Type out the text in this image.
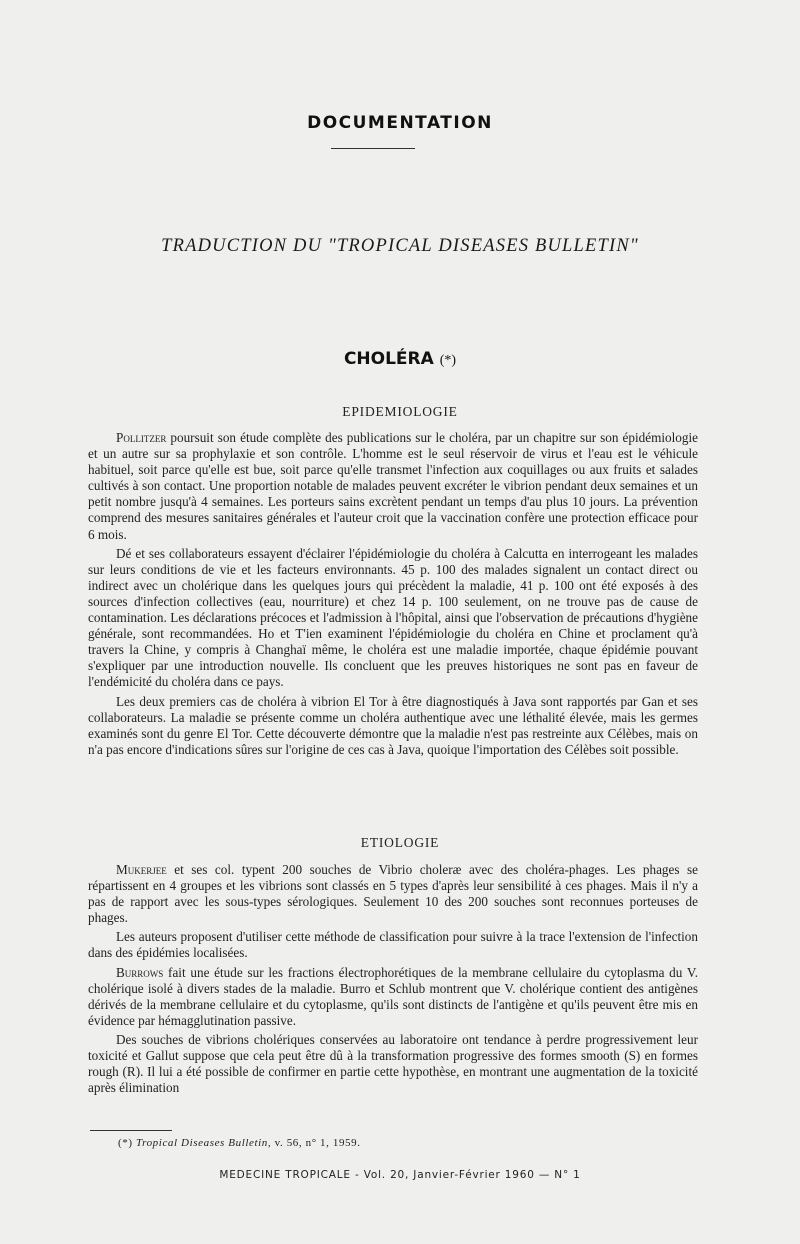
DOCUMENTATION
TRADUCTION DU "TROPICAL DISEASES BULLETIN"
CHOLÉRA (*)
EPIDEMIOLOGIE

Pollitzer poursuit son étude complète des publications sur le choléra, par un chapitre sur son épidémiologie et un autre sur sa prophylaxie et son contrôle. L'homme est le seul réservoir de virus et l'eau est le véhicule habituel, soit parce qu'elle est bue, soit parce qu'elle transmet l'infection aux coquillages ou aux fruits et salades cultivés à son contact. Une proportion notable de malades peuvent excréter le vibrion pendant deux semaines et un petit nombre jusqu'à 4 semaines. Les porteurs sains excrètent pendant un temps d'au plus 10 jours. La prévention comprend des mesures sanitaires générales et l'auteur croit que la vaccination confère une protection efficace pour 6 mois.

Dé et ses collaborateurs essayent d'éclairer l'épidémiologie du choléra à Calcutta en interrogeant les malades sur leurs conditions de vie et les facteurs environnants. 45 p. 100 des malades signalent un contact direct ou indirect avec un cholérique dans les quelques jours qui précèdent la maladie, 41 p. 100 ont été exposés à des sources d'infection collectives (eau, nourriture) et chez 14 p. 100 seulement, on ne trouve pas de cause de contamination. Les déclarations précoces et l'admission à l'hôpital, ainsi que l'observation de précautions d'hygiène générale, sont recommandées. Ho et T'ien examinent l'épidémiologie du choléra en Chine et proclament qu'à travers la Chine, y compris à Changhaï même, le choléra est une maladie importée, chaque épidémie pouvant s'expliquer par une introduction nouvelle. Ils concluent que les preuves historiques ne sont pas en faveur de l'endémicité du choléra dans ce pays.

Les deux premiers cas de choléra à vibrion El Tor à être diagnostiqués à Java sont rapportés par Gan et ses collaborateurs. La maladie se présente comme un choléra authentique avec une léthalité élevée, mais les germes examinés sont du genre El Tor. Cette découverte démontre que la maladie n'est pas restreinte aux Célèbes, mais on n'a pas encore d'indications sûres sur l'origine de ces cas à Java, quoique l'importation des Célèbes soit possible.

ETIOLOGIE

Mukerjee et ses col. typent 200 souches de Vibrio choleræ avec des choléra-phages. Les phages se répartissent en 4 groupes et les vibrions sont classés en 5 types d'après leur sensibilité à ces phages. Mais il n'y a pas de rapport avec les sous-types sérologiques. Seulement 10 des 200 souches sont reconnues porteuses de phages.

Les auteurs proposent d'utiliser cette méthode de classification pour suivre à la trace l'extension de l'infection dans des épidémies localisées.

Burrows fait une étude sur les fractions électrophorétiques de la membrane cellulaire du cytoplasma du V. cholérique isolé à divers stades de la maladie. Burro et Schlub montrent que V. cholérique contient des antigènes dérivés de la membrane cellulaire et du cytoplasme, qu'ils sont distincts de l'antigène et qu'ils peuvent être mis en évidence par hémagglutination passive.

Des souches de vibrions cholériques conservées au laboratoire ont tendance à perdre progressivement leur toxicité et Gallut suppose que cela peut être dû à la transformation progressive des formes smooth (S) en formes rough (R). Il lui a été possible de confirmer en partie cette hypothèse, en montrant une augmentation de la toxicité après élimination

(*) Tropical Diseases Bulletin, v. 56, n° 1, 1959.
MEDECINE TROPICALE - Vol. 20, Janvier-Février 1960 — N° 1
